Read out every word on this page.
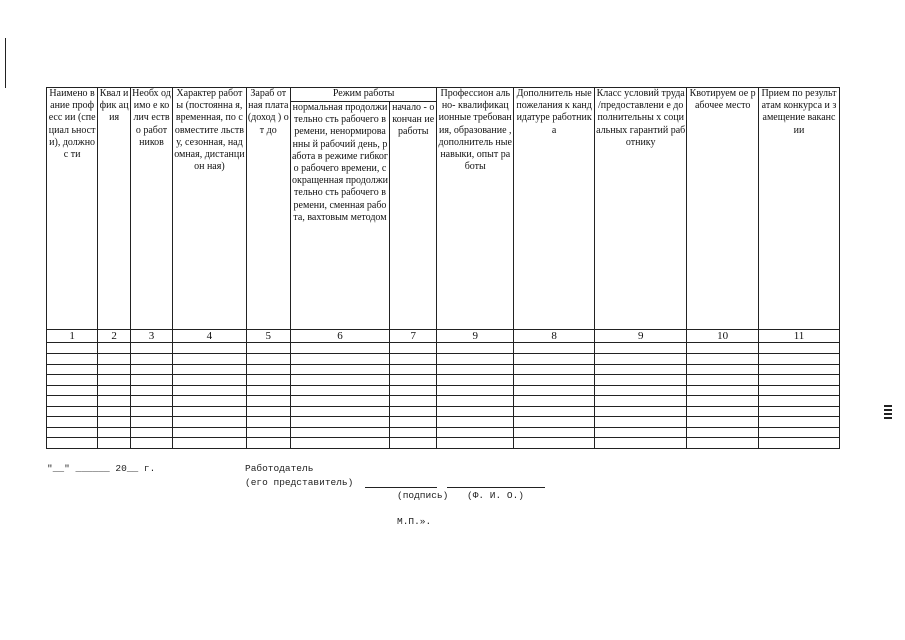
Наимено вание професс ии (специал ьности), должнос ти	Квал ифик ация	Необх одимо е колич ество работ ников	Характер работы (постоянна я, временная, по совместите льству, сезонная, надомная, дистанцион ная)	Зараб отная плата (доход ) от до	Режим работы		Профессион ально- квалификац ионные требования, образование , дополнитель ные навыки, опыт работы	Дополнитель ные пожелания к кандидатуре работника	Класс условий труда /предоставлени е дополнительны х социальных гарантий работнику	Квотируем ое рабочее место	Прием по результатам конкурса и замещение вакансии
					нормальная продолжительно сть рабочего времени, ненормированны й рабочий день, работа в режиме гибкого рабочего времени, сокращенная продолжительно сть рабочего времени, сменная работа, вахтовым методом	начало - окончан ие работы					
1	2	3	4	5	6	7	9	8	9	10	11

"__" ______ 20__ г.	Работодатель
(его представитель)
(подпись) (Ф. И. О.)
М.П.».
